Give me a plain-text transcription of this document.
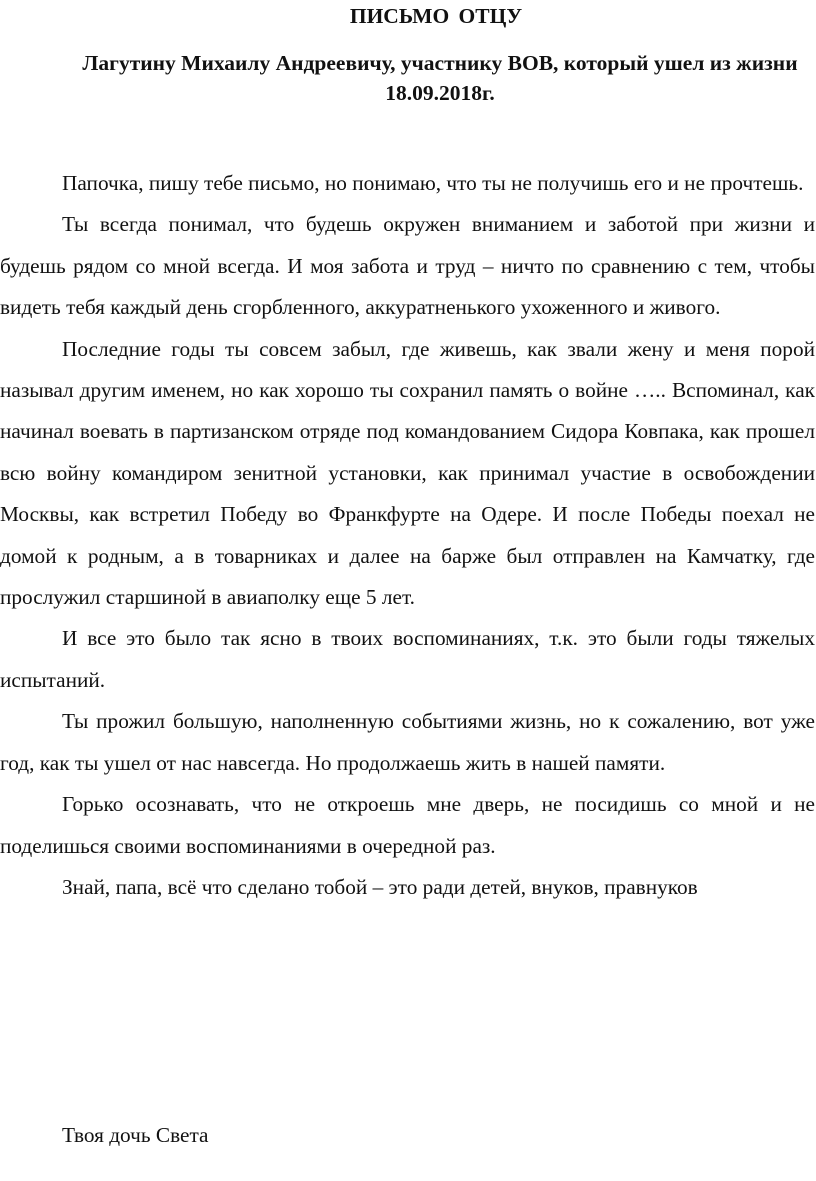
ПИСЬМО ОТЦУ
Лагутину Михаилу Андреевичу, участнику ВОВ, который ушел из жизни 18.09.2018г.

Папочка, пишу тебе письмо, но понимаю, что ты не получишь его и не прочтешь.

Ты всегда понимал, что будешь окружен вниманием и заботой при жизни и будешь рядом со мной всегда. И моя забота и труд – ничто по сравнению с тем, чтобы видеть тебя каждый день сгорбленного, аккуратненького ухоженного и живого.

Последние годы ты совсем забыл, где живешь, как звали жену и меня порой называл другим именем, но как хорошо ты сохранил память о войне ….. Вспоминал, как начинал воевать в партизанском отряде под командованием Сидора Ковпака, как прошел всю войну командиром зенитной установки, как принимал участие в освобождении Москвы, как встретил Победу во Франкфурте на Одере. И после Победы поехал не домой к родным, а в товарниках и далее на барже был отправлен на Камчатку, где прослужил старшиной в авиаполку еще 5 лет.

И все это было так ясно в твоих воспоминаниях, т.к. это были годы тяжелых испытаний.

Ты прожил большую, наполненную событиями жизнь, но к сожалению, вот уже год, как ты ушел от нас навсегда. Но продолжаешь жить в нашей памяти.

Горько осознавать, что не откроешь мне дверь, не посидишь со мной и не поделишься своими воспоминаниями в очередной раз.

Знай, папа, всё что сделано тобой – это ради детей, внуков, правнуков

Твоя дочь Света
